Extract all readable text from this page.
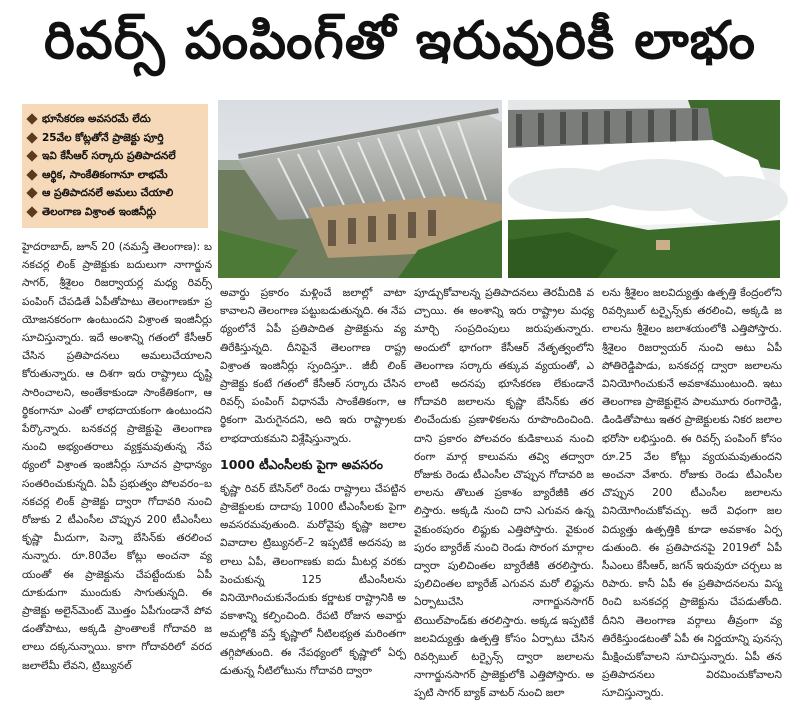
రివర్స్ పంపింగ్‌తో ఇరువురికీ లాభం
భూసేకరణ అవసరమే లేదు
25వేల కోట్లతోనే ప్రాజెక్టు పూర్తి
ఇవి కేసీఆర్ సర్కారు ప్రతిపాదనలే
ఆర్థిక, సాంకేతికంగానూ లాభమే
ఆ ప్రతిపాదనలే అమలు చేయాలి
తెలంగాణ విశ్రాంత ఇంజినీర్లు

హైదరాబాద్, జూన్ 20 (నమస్తే తెలంగాణ): బనకచర్ల లింక్ ప్రాజెక్టుకు బదులుగా నాగార్జునసాగర్, శ్రీశైలం రిజర్వాయర్ల మధ్య రివర్స్ పంపింగ్ చేపడితే ఏపీతోపాటు తెలంగాణకూ ప్రయోజనకరంగా ఉంటుందని విశ్రాంత ఇంజినీర్లు సూచిస్తున్నారు. ఇదే అంశాన్ని గతంలో కేసీఆర్ చేసిన ప్రతిపాదనలు అమలుచేయాలని కోరుతున్నారు. ఆ దిశగా ఇరు రాష్ట్రాలు దృష్టి సారించాలని, అంతేకాకుండా సాంకేతికంగా, ఆర్థికంగానూ ఎంతో లాభదాయకంగా ఉంటుందని పేర్కొన్నారు. బనకచర్ల ప్రాజెక్టుపై తెలంగాణ నుంచి అభ్యంతరాలు వ్యక్తమవుతున్న నేపథ్యంలో విశ్రాంత ఇంజినీర్లు సూచన ప్రాధాన్యం సంతరించుకున్నది. ఏపీ ప్రభుత్వం పోలవరం–బనకచర్ల లింక్ ప్రాజెక్టు ద్వారా గోదావరి నుంచి రోజుకు 2 టీఎంసీల చొప్పున 200 టీఎంసీలు కృష్ణా మీదుగా, పెన్నా బేసిన్‌కు తరలించనున్నారు. రూ.80వేల కోట్లు అంచనా వ్యయంతో ఈ ప్రాజెక్టును చేపట్టేందుకు ఏపీ దూకుడుగా ముందుకు సాగుతున్నది. ఈ ప్రాజెక్టు అలైన్‌మెంట్ మొత్తం ఏపీగుండానే పోవడంతోపాటు, అక్కడి ప్రాంతాలకే గోదావరి జలాలు దక్కనున్నాయి. కాగా గోదావరిలో వరద జలాలేమీ లేవని, ట్రిబ్యునల్

అవార్డు ప్రకారం మళ్లించే జలాల్లో వాటా కావాలని తెలంగాణ పట్టుబడుతున్నది. ఈ నేపథ్యంలోనే ఏపీ ప్రతిపాదిత ప్రాజెక్టును వ్యతిరేకిస్తున్నది. దీనిపైనే తెలంగాణ రాష్ట్ర విశ్రాంత ఇంజినీర్లు స్పందిస్తూ.. జీబీ లింక్ ప్రాజెక్టు కంటే గతంలో కేసీఆర్ సర్కారు చేసిన రివర్స్ పంపింగ్ విధానమే సాంకేతికంగా, ఆర్థికంగా మెరుగైనదని, అది ఇరు రాష్ట్రాలకు లాభదాయకమని విశ్లేషిస్తున్నారు.

1000 టీఎంసీలకు పైగా అవసరం

కృష్ణా రివర్ బేసిన్‌లో రెండు రాష్ట్రాలు చేపట్టిన ప్రాజెక్టులకు దాదాపు 1000 టీఎంసీలకు పైగా అవసరమవుతుంది. మరోవైపు కృష్ణా జలాల వివాదాల ట్రిబ్యునల్–2 ఇప్పటికే అదనపు జలాలు ఏపీ, తెలంగాణకు ఐదు మీటర్ల వరకు పెంచుకున్న 125 టీఎంసీలను వినియోగించుకునేందుకు కర్ణాటక రాష్ట్రానికి అవకాశాన్ని కల్పించింది. రేపటి రోజున అవార్డు అమల్లోకి వస్తే కృష్ణాలో నీటిలభ్యత మరింతగా తగ్గిపోతుంది. ఈ నేపథ్యంలో కృష్ణాలో ఏర్పడుతున్న నీటిలోటును గోదావరి ద్వారా

పూడ్చుకోవాలన్న ప్రతిపాదనలు తెరమీదికి వచ్చాయి. ఈ అంశాన్ని ఇరు రాష్ట్రాల మధ్య మార్చి సంప్రదింపులు జరుపుతున్నారు. అందులో భాగంగా కేసీఆర్ నేతృత్వంలోని తెలంగాణ సర్కారు తక్కువ వ్యయంతో, ఎలాంటి అదనపు భూసేకరణ లేకుండానే గోదావరి జలాలను కృష్ణా బేసిన్‌కు తరలించేందుకు ప్రణాళికలను రూపొందించింది. దాని ప్రకారం పోలవరం కుడికాలువ నుంచి రంగా మార్గ కాలువను తవ్వి తద్వారా రోజుకు రెండు టీఎంసీల చొప్పున గోదావరి జలాలను తొలుత ప్రకాశం బ్యారేజీకి తరలిస్తారు. అక్కడి నుంచి దాని ఎగువన ఉన్న వైకుంఠపురం లిఫ్టుకు ఎత్తిపోస్తారు. వైకుంఠపురం బ్యారేజ్ నుంచి రెండు సొరంగ మార్గాల ద్వారా పులిచింతల బ్యారేజీకి తరలిస్తారు. పులిచింతల బ్యారేజ్ ఎగువన మరో లిఫ్టును ఏర్పాటుచేసి నాగార్జునసాగర్ టెయిల్‌పాండ్‌కు తరలిస్తారు. అక్కడ ఇప్పటికే జలవిద్యుత్తు ఉత్పత్తి కోసం ఏర్పాటు చేసిన రివర్సిబుల్ టర్బైన్స్ ద్వారా జలాలను నాగార్జునసాగర్ ప్రాజెక్టులోకి ఎత్తిపోస్తారు. అప్పటి సాగర్ బ్యాక్ వాటర్ నుంచి జలా

లను శ్రీశైలం జలవిద్యుత్తు ఉత్పత్తి కేంద్రంలోని రివర్సిబుల్ టర్బైన్స్‌కు తరలించి, అక్కడి జలాలను శ్రీశైలం జలాశయంలోకి ఎత్తిపోస్తారు. శ్రీశైలం రిజర్వాయర్ నుంచి అటు ఏపీ పోతిరెడ్డిపాడు, బనకచర్ల ద్వారా జలాలను వినియోగించుకునే అవకాశముంటుంది. ఇటు తెలంగాణ ప్రాజెక్టులైన పాలమూరు రంగారెడ్డి, డిండితోపాటు ఇతర ప్రాజెక్టులకు నికర జలాల భరోసా లభిస్తుంది. ఈ రివర్స్ పంపింగ్ కోసం రూ.25 వేల కోట్లు వ్యయమవుతుందని అంచనా వేశారు. రోజుకు రెండు టీఎంసీల చొప్పున 200 టీఎంసీల జలాలను వినియోగించుకోవచ్చు. అదే విధంగా జలవిద్యుత్తు ఉత్పత్తికి కూడా అవకాశం ఏర్పడుతుంది. ఈ ప్రతిపాదనపై 2019లో ఏపీ సీఎంలు కేసీఆర్, జగన్ ఇరువురూ చర్చలు జరిపారు. కానీ ఏపీ ఈ ప్రతిపాదనలను విస్మరించి బనకచర్ల ప్రాజెక్టును చేపడుతోంది. దీనిని తెలంగాణ వర్గాలు తీవ్రంగా వ్యతిరేకిస్తుండటంతో ఏపీ ఈ నిర్ణయాన్ని పునస్సమీక్షించుకోవాలని సూచిస్తున్నారు. ఏపీ తన ప్రతిపాదనలు విరమించుకోవాలని సూచిస్తున్నారు.
